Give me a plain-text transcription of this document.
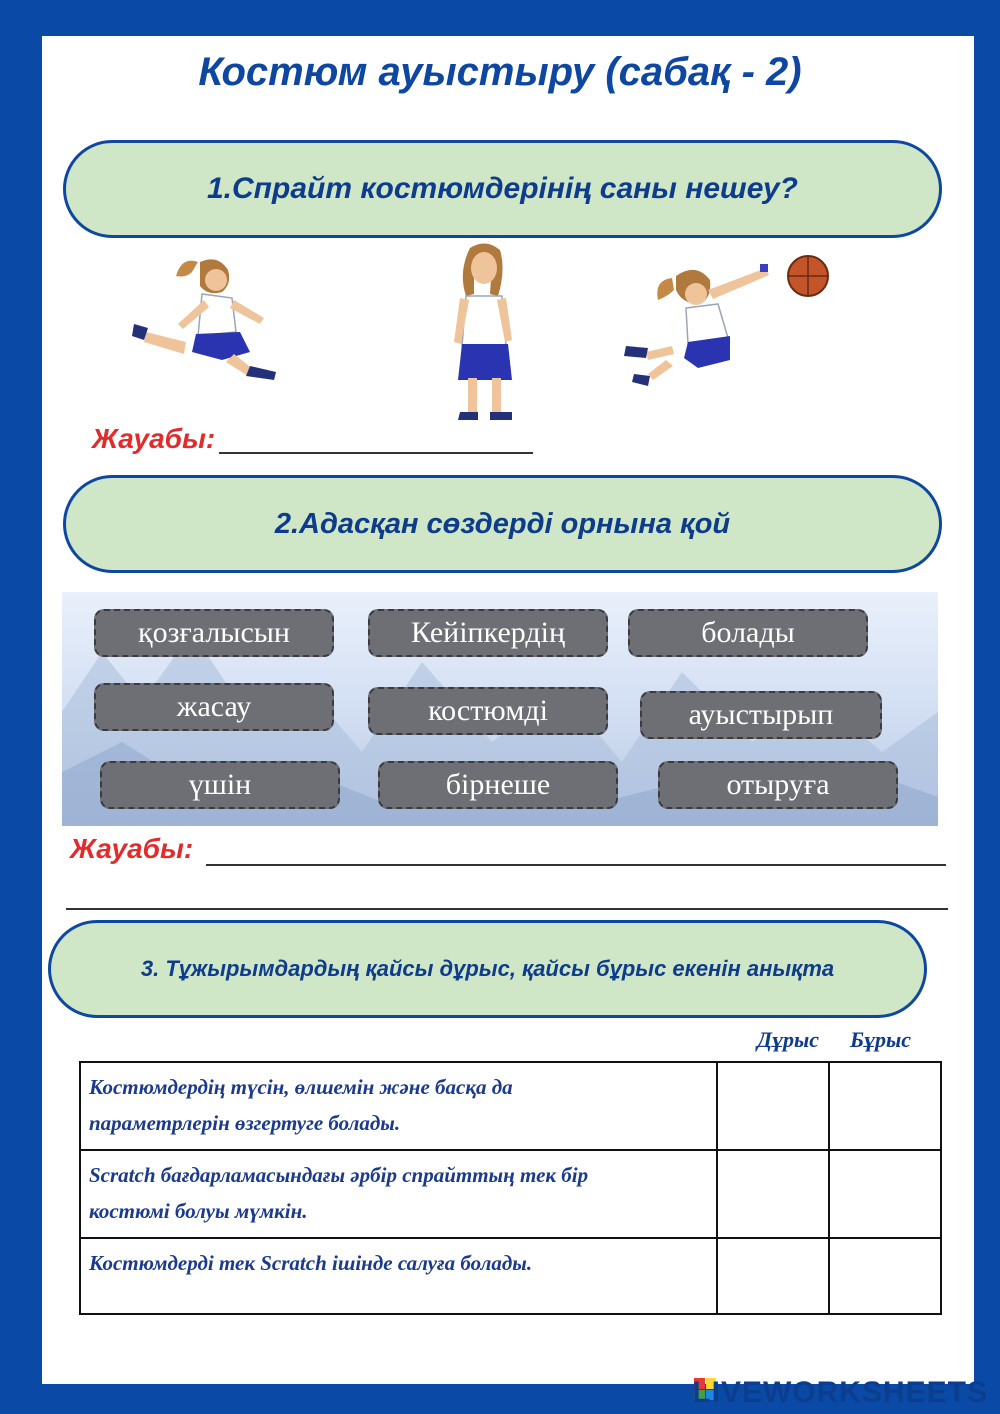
Костюм ауыстыру (сабақ - 2)
1.Спрайт костюмдерінің саны нешеу?
Жауабы:
2.Адасқан сөздерді орнына қой
қозғалысын	Кейіпкердің	болады
жасау	костюмді	ауыстырып
үшін	бірнеше	отыруға
Жауабы:
3. Тұжырымдардың қайсы дұрыс, қайсы бұрыс екенін анықта
Дұрыс Бұрыс
Костюмдердің түсін, өлшемін және басқа да
параметрлерін өзгертуге болады.		

Scratch бағдарламасындағы әрбір спрайттың тек бір
костюмі болуы мүмкін.		

Костюмдерді тек Scratch ішінде салуға болады.		

LIVEWORKSHEETS
